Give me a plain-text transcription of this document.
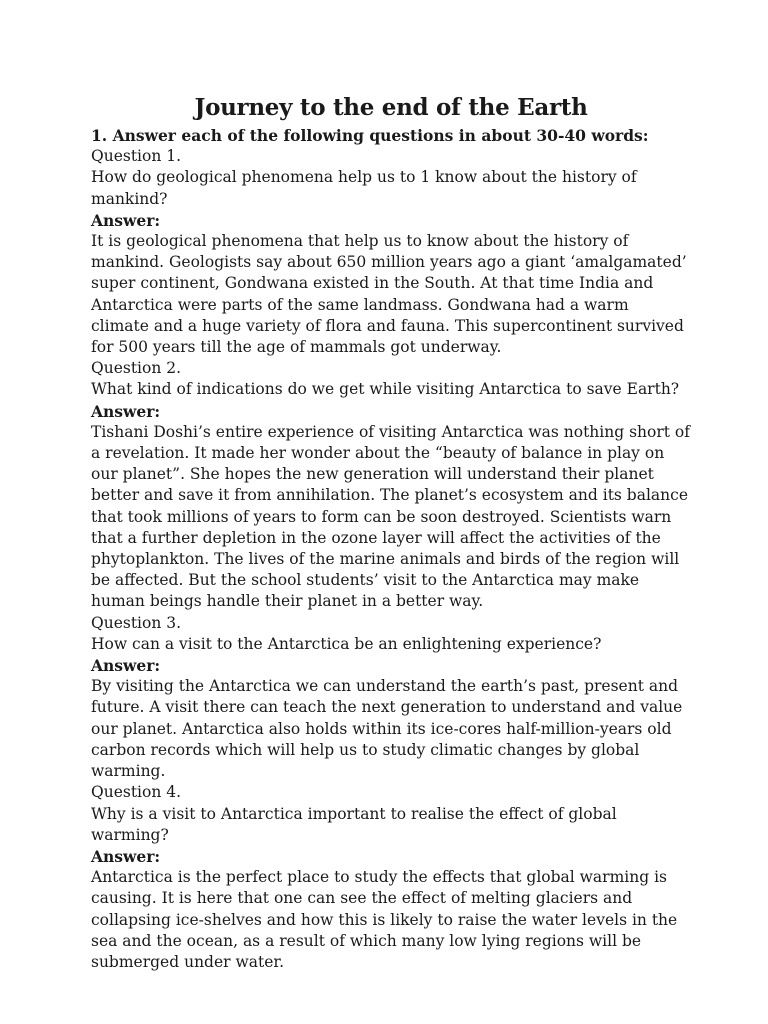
Journey to the end of the Earth

1. Answer each of the following questions in about 30-40 words:

Question 1.

How do geological phenomena help us to 1 know about the history of mankind?

Answer:

It is geological phenomena that help us to know about the history of mankind. Geologists say about 650 million years ago a giant ‘amalgamated’ super continent, Gondwana existed in the South. At that time India and Antarctica were parts of the same landmass. Gondwana had a warm climate and a huge variety of flora and fauna. This supercontinent survived for 500 years till the age of mammals got underway.

Question 2.

What kind of indications do we get while visiting Antarctica to save Earth?

Answer:

Tishani Doshi’s entire experience of visiting Antarctica was nothing short of a revelation. It made her wonder about the “beauty of balance in play on our planet”. She hopes the new generation will understand their planet better and save it from annihilation. The planet’s ecosystem and its balance that took millions of years to form can be soon destroyed. Scientists warn that a further depletion in the ozone layer will affect the activities of the phytoplankton. The lives of the marine animals and birds of the region will be affected. But the school students’ visit to the Antarctica may make human beings handle their planet in a better way.

Question 3.

How can a visit to the Antarctica be an enlightening experience?

Answer:

By visiting the Antarctica we can understand the earth’s past, present and future. A visit there can teach the next generation to understand and value our planet. Antarctica also holds within its ice-cores half-million-years old carbon records which will help us to study climatic changes by global warming.

Question 4.

Why is a visit to Antarctica important to realise the effect of global warming?

Answer:

Antarctica is the perfect place to study the effects that global warming is causing. It is here that one can see the effect of melting glaciers and collapsing ice-shelves and how this is likely to raise the water levels in the sea and the ocean, as a result of which many low lying regions will be submerged under water.
